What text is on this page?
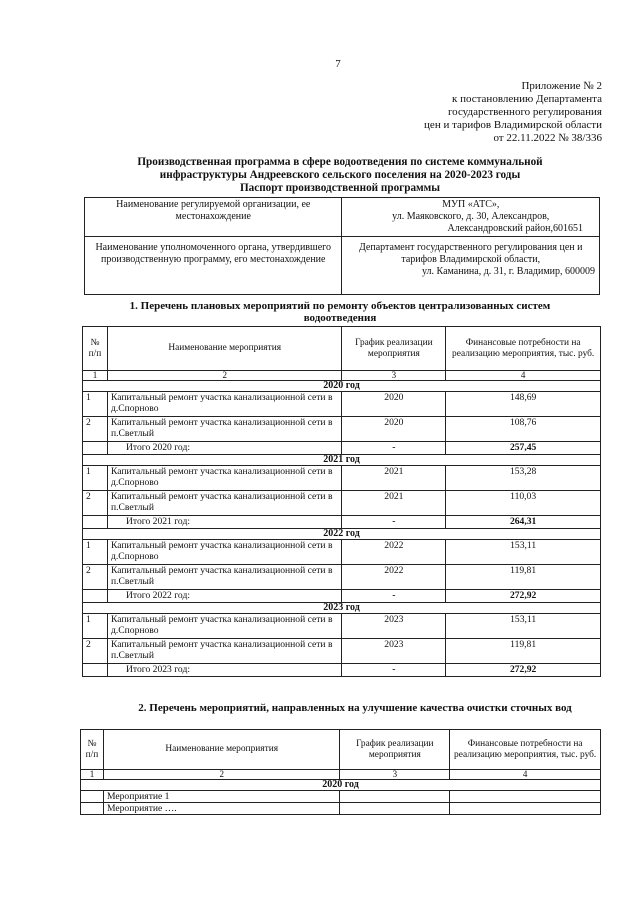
7
Приложение № 2
к постановлению Департамента
государственного регулирования
цен и тарифов Владимирской области
от 22.11.2022 № 38/336
Производственная программа в сфере водоотведения по системе коммунальной
инфраструктуры Андреевского сельского поселения на 2020-2023 годы
Паспорт производственной программы
Наименование регулируемой организации, ее местонахождение	МУП «АТС»,
ул. Маяковского, д. 30, Александров,
Александровский район,601651

Наименование уполномоченного органа, утвердившего производственную программу, его местонахождение	Департамент государственного регулирования цен и тарифов Владимирской области,
ул. Каманина, д. 31, г. Владимир, 600009
1. Перечень плановых мероприятий по ремонту объектов централизованных систем водоотведения
№ п/п	Наименование мероприятия	График реализации мероприятия	Финансовые потребности на реализацию мероприятия, тыс. руб.
1	2	3	4
2020 год			
1	Капитальный ремонт участка канализационной сети в д.Спорново	2020	148,69
2	Капитальный ремонт участка канализационной сети в п.Светлый	2020	108,76
	Итого 2020 год:	-	257,45
2021 год			
1	Капитальный ремонт участка канализационной сети в д.Спорново	2021	153,28
2	Капитальный ремонт участка канализационной сети в п.Светлый	2021	110,03
	Итого 2021 год:	-	264,31
2022 год			
1	Капитальный ремонт участка канализационной сети в д.Спорново	2022	153,11
2	Капитальный ремонт участка канализационной сети в п.Светлый	2022	119,81
	Итого 2022 год:	-	272,92
2023 год			
1	Капитальный ремонт участка канализационной сети в д.Спорново	2023	153,11
2	Капитальный ремонт участка канализационной сети в п.Светлый	2023	119,81
	Итого 2023 год:	-	272,92
2. Перечень мероприятий, направленных на улучшение качества очистки сточных вод
№ п/п	Наименование мероприятия	График реализации мероприятия	Финансовые потребности на реализацию мероприятия, тыс. руб.
1	2	3	4
2020 год			
	Мероприятие 1		
	Мероприятие ….		
